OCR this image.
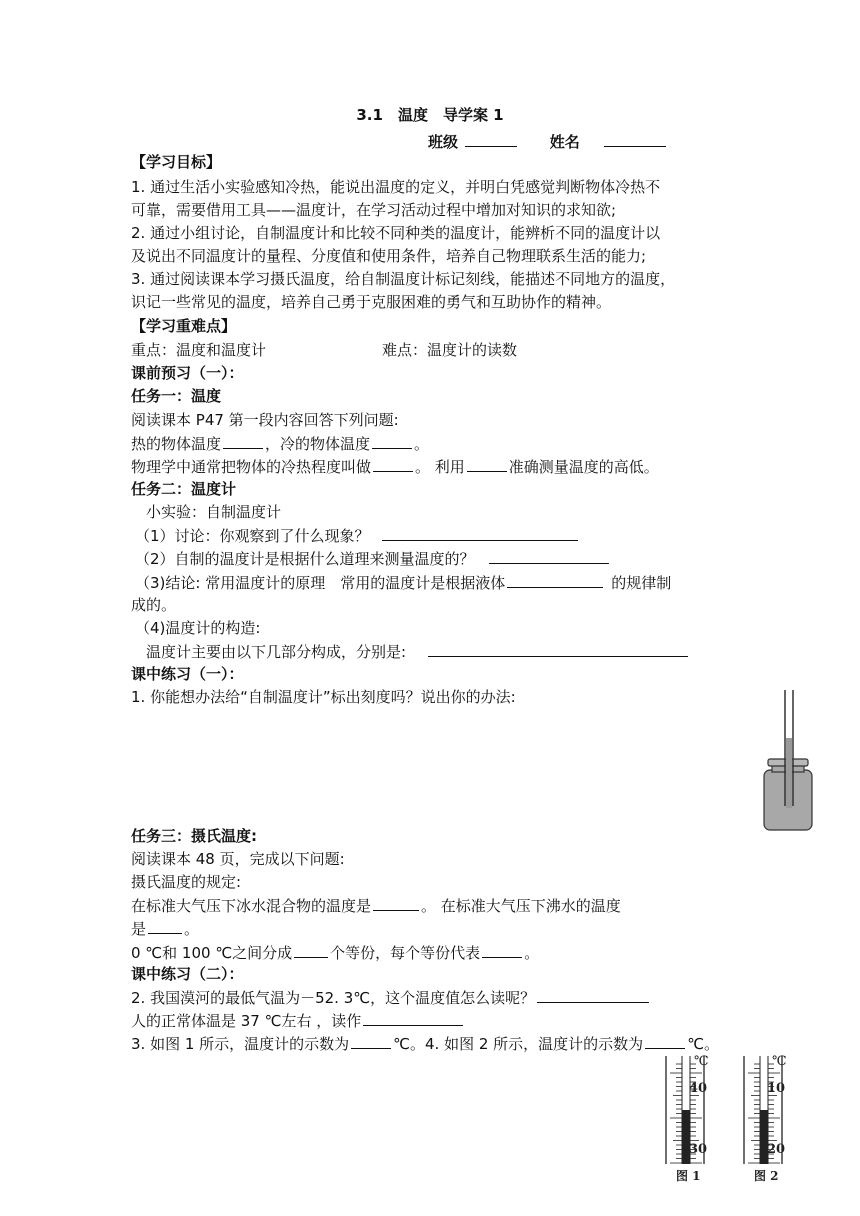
3.1　温度　导学案 1
班级	姓名
【学习目标】
1. 通过生活小实验感知冷热，能说出温度的定义，并明白凭感觉判断物体冷热不
可靠，需要借用工具——温度计，在学习活动过程中增加对知识的求知欲;
2. 通过小组讨论，自制温度计和比较不同种类的温度计，能辨析不同的温度计以
及说出不同温度计的量程、分度值和使用条件，培养自己物理联系生活的能力;
3. 通过阅读课本学习摄氏温度，给自制温度计标记刻线，能描述不同地方的温度，
识记一些常见的温度，培养自己勇于克服困难的勇气和互助协作的精神。
【学习重难点】
重点：温度和温度计	难点：温度计的读数
课前预习（一）：
任务一：温度
阅读课本 P47 第一段内容回答下列问题:
热的物体温度	，冷的物体温度	。
物理学中通常把物体的冷热程度叫做	。 利用	准确测量温度的高低。
任务二：温度计
小实验：自制温度计
（1）讨论：你观察到了什么现象？
（2）自制的温度计是根据什么道理来测量温度的？
（3)结论: 常用温度计的原理　常用的温度计是根据液体	的规律制
成的。
（4)温度计的构造:
温度计主要由以下几部分构成，分别是:
课中练习（一）：
1. 你能想办法给“自制温度计”标出刻度吗？说出你的办法:
任务三：摄氏温度:
阅读课本 48 页，完成以下问题:
摄氏温度的规定:
在标准大气压下冰水混合物的温度是	。 在标准大气压下沸水的温度
是	。
0 ℃和 100 ℃之间分成	个等份，每个等份代表	。
课中练习（二）：
2. 我国漠河的最低气温为－52. 3℃，这个温度值怎么读呢？
人的正常体温是 37 ℃左右 ，读作
3. 如图 1 所示，温度计的示数为	℃。4. 如图 2 所示，温度计的示数为	℃。
℃
40
30
图 1
℃
10
20
图 2
